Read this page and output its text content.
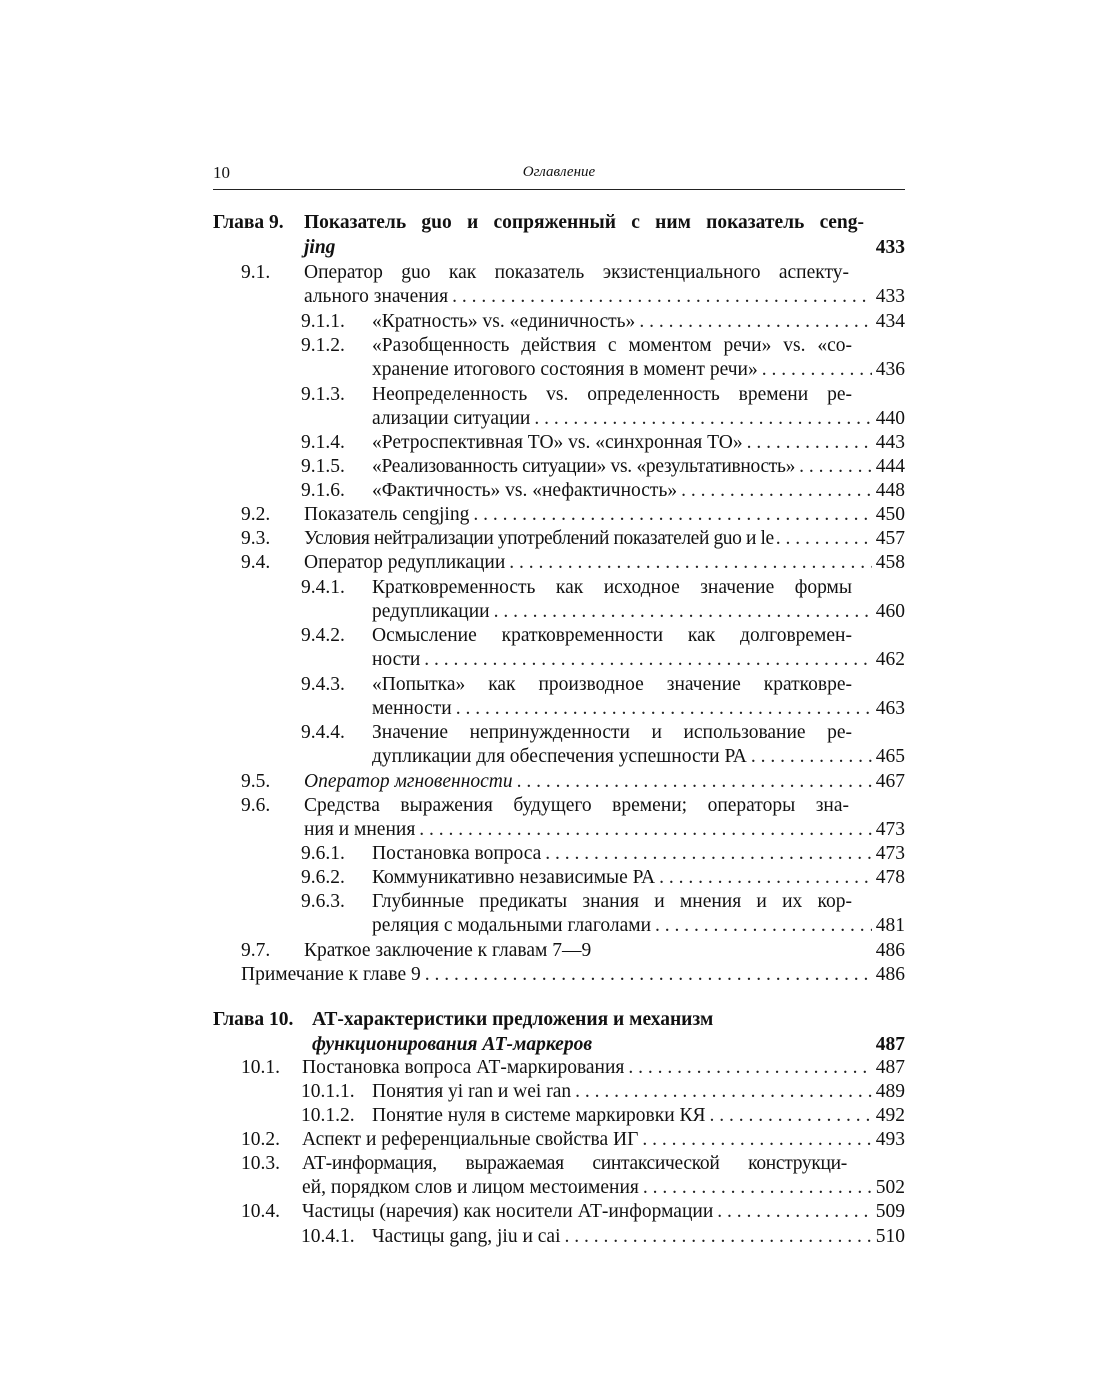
10	Оглавление
Глава 9. Показатель guo и сопряженный с ним показатель ceng-
jing	433
9.1. Оператор guo как показатель экзистенциального аспекту-
ального значения . . .	433
9.1.1. «Кратность» vs. «единичность» . . .	434
9.1.2. «Разобщенность действия с моментом речи» vs. «со-
хранение итогового состояния в момент речи» . . .	436
9.1.3. Неопределенность vs. определенность времени ре-
ализации ситуации . . .	440
9.1.4. «Ретроспективная ТО» vs. «синхронная ТО» . . .	443
9.1.5. «Реализованность ситуации» vs. «результативность» . . .	444
9.1.6. «Фактичность» vs. «нефактичность» . . .	448
9.2. Показатель cengjing . . .	450
9.3. Условия нейтрализации употреблений показателей guo и le . . .	457
9.4. Оператор редупликации . . .	458
9.4.1. Кратковременность как исходное значение формы
редупликации . . .	460
9.4.2. Осмысление кратковременности как долговремен-
ности . . .	462
9.4.3. «Попытка» как производное значение кратковре-
менности . . .	463
9.4.4. Значение непринужденности и использование ре-
дупликации для обеспечения успешности РА . . .	465
9.5. Оператор мгновенности . . .	467
9.6. Средства выражения будущего времени; операторы зна-
ния и мнения . . .	473
9.6.1. Постановка вопроса . . .	473
9.6.2. Коммуникативно независимые РА . . .	478
9.6.3. Глубинные предикаты знания и мнения и их кор-
реляция с модальными глаголами . . .	481
9.7. Краткое заключение к главам 7—9	486
Примечание к главе 9 . . .	486
Глава 10. АТ-характеристики предложения и механизм
функционирования АТ-маркеров	487
10.1. Постановка вопроса АТ-маркирования . . .	487
10.1.1. Понятия yi ran и wei ran . . .	489
10.1.2. Понятие нуля в системе маркировки КЯ . . .	492
10.2. Аспект и референциальные свойства ИГ . . .	493
10.3. АТ-информация, выражаемая синтаксической конструкци-
ей, порядком слов и лицом местоимения . . .	502
10.4. Частицы (наречия) как носители АТ-информации . . .	509
10.4.1. Частицы gang, jiu и cai . . .	510
